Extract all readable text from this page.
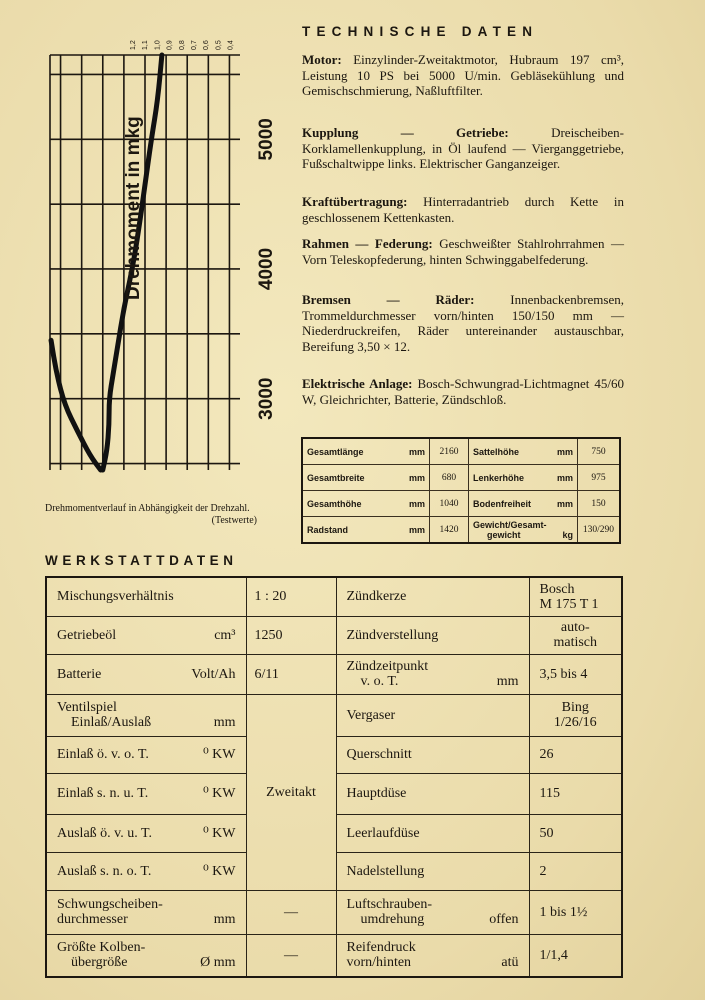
1,2 1,1 1,0 0,9 0,8 0,7 0,6 0,5 0,4
3000
4000
5000
Drehmoment in mkg
Drehmomentverlauf in Abhängigkeit der Drehzahl.

(Testwerte)
TECHNISCHE DATEN
Motor: Einzylinder-Zweitaktmotor, Hubraum 197 cm³, Leistung 10 PS bei 5000 U/min. Gebläsekühlung und Gemischschmierung, Naßluftfilter.
Kupplung — Getriebe:	Dreischeiben-Korklamellenkupplung, in Öl laufend — Vierganggetriebe, Fußschaltwippe links. Elektrischer Ganganzeiger.
Kraftübertragung: Hinterradantrieb durch Kette in geschlossenem Kettenkasten.
Rahmen — Federung: Geschweißter Stahlrohrrahmen — Vorn Teleskopfederung, hinten Schwinggabelfederung.
Bremsen — Räder:	Innenbackenbremsen, Trommeldurchmesser vorn/hinten 150/150 mm — Niederdruckreifen, Räder untereinander austauschbar, Bereifung 3,50 × 12.
Elektrische Anlage: Bosch-Schwungrad-Lichtmagnet 45/60 W, Gleichrichter, Batterie, Zündschloß.
Gesamtlänge mm	2160	Sattelhöhe mm	750

Gesamtbreite mm	680	Lenkerhöhe mm	975

Gesamthöhe mm	1040	Bodenfreiheit mm	150

Radstand mm	1420	Gewicht/Gesamt-

gewicht kg	130/290
WERKSTATTDATEN
Mischungsverhältnis	1 : 20	Zündkerze	Bosch
M 175 T 1

Getriebeöl cm³	1250	Zündverstellung	auto-
matisch

Batterie Volt/Ah	6/11	Zündzeitpunkt
v. o. T. mm	3,5 bis 4
Ventilspiel
Einlaß/Auslaß mm	Zweitakt	Vergaser	Bing
1/26/16

Einlaß ö. v. o. T. ⁰ KW		Querschnitt	26

Einlaß s. n. u. T. ⁰ KW		Hauptdüse	115

Auslaß ö. v. u. T. ⁰ KW		Leerlaufdüse	50

Auslaß s. n. o. T. ⁰ KW		Nadelstellung	2
Schwungscheiben-
durchmesser mm	—	Luftschrauben-
umdrehung offen	1 bis 1½
Größte Kolben-
übergröße Ø mm	—	Reifendruck
vorn/hinten atü	1/1,4
